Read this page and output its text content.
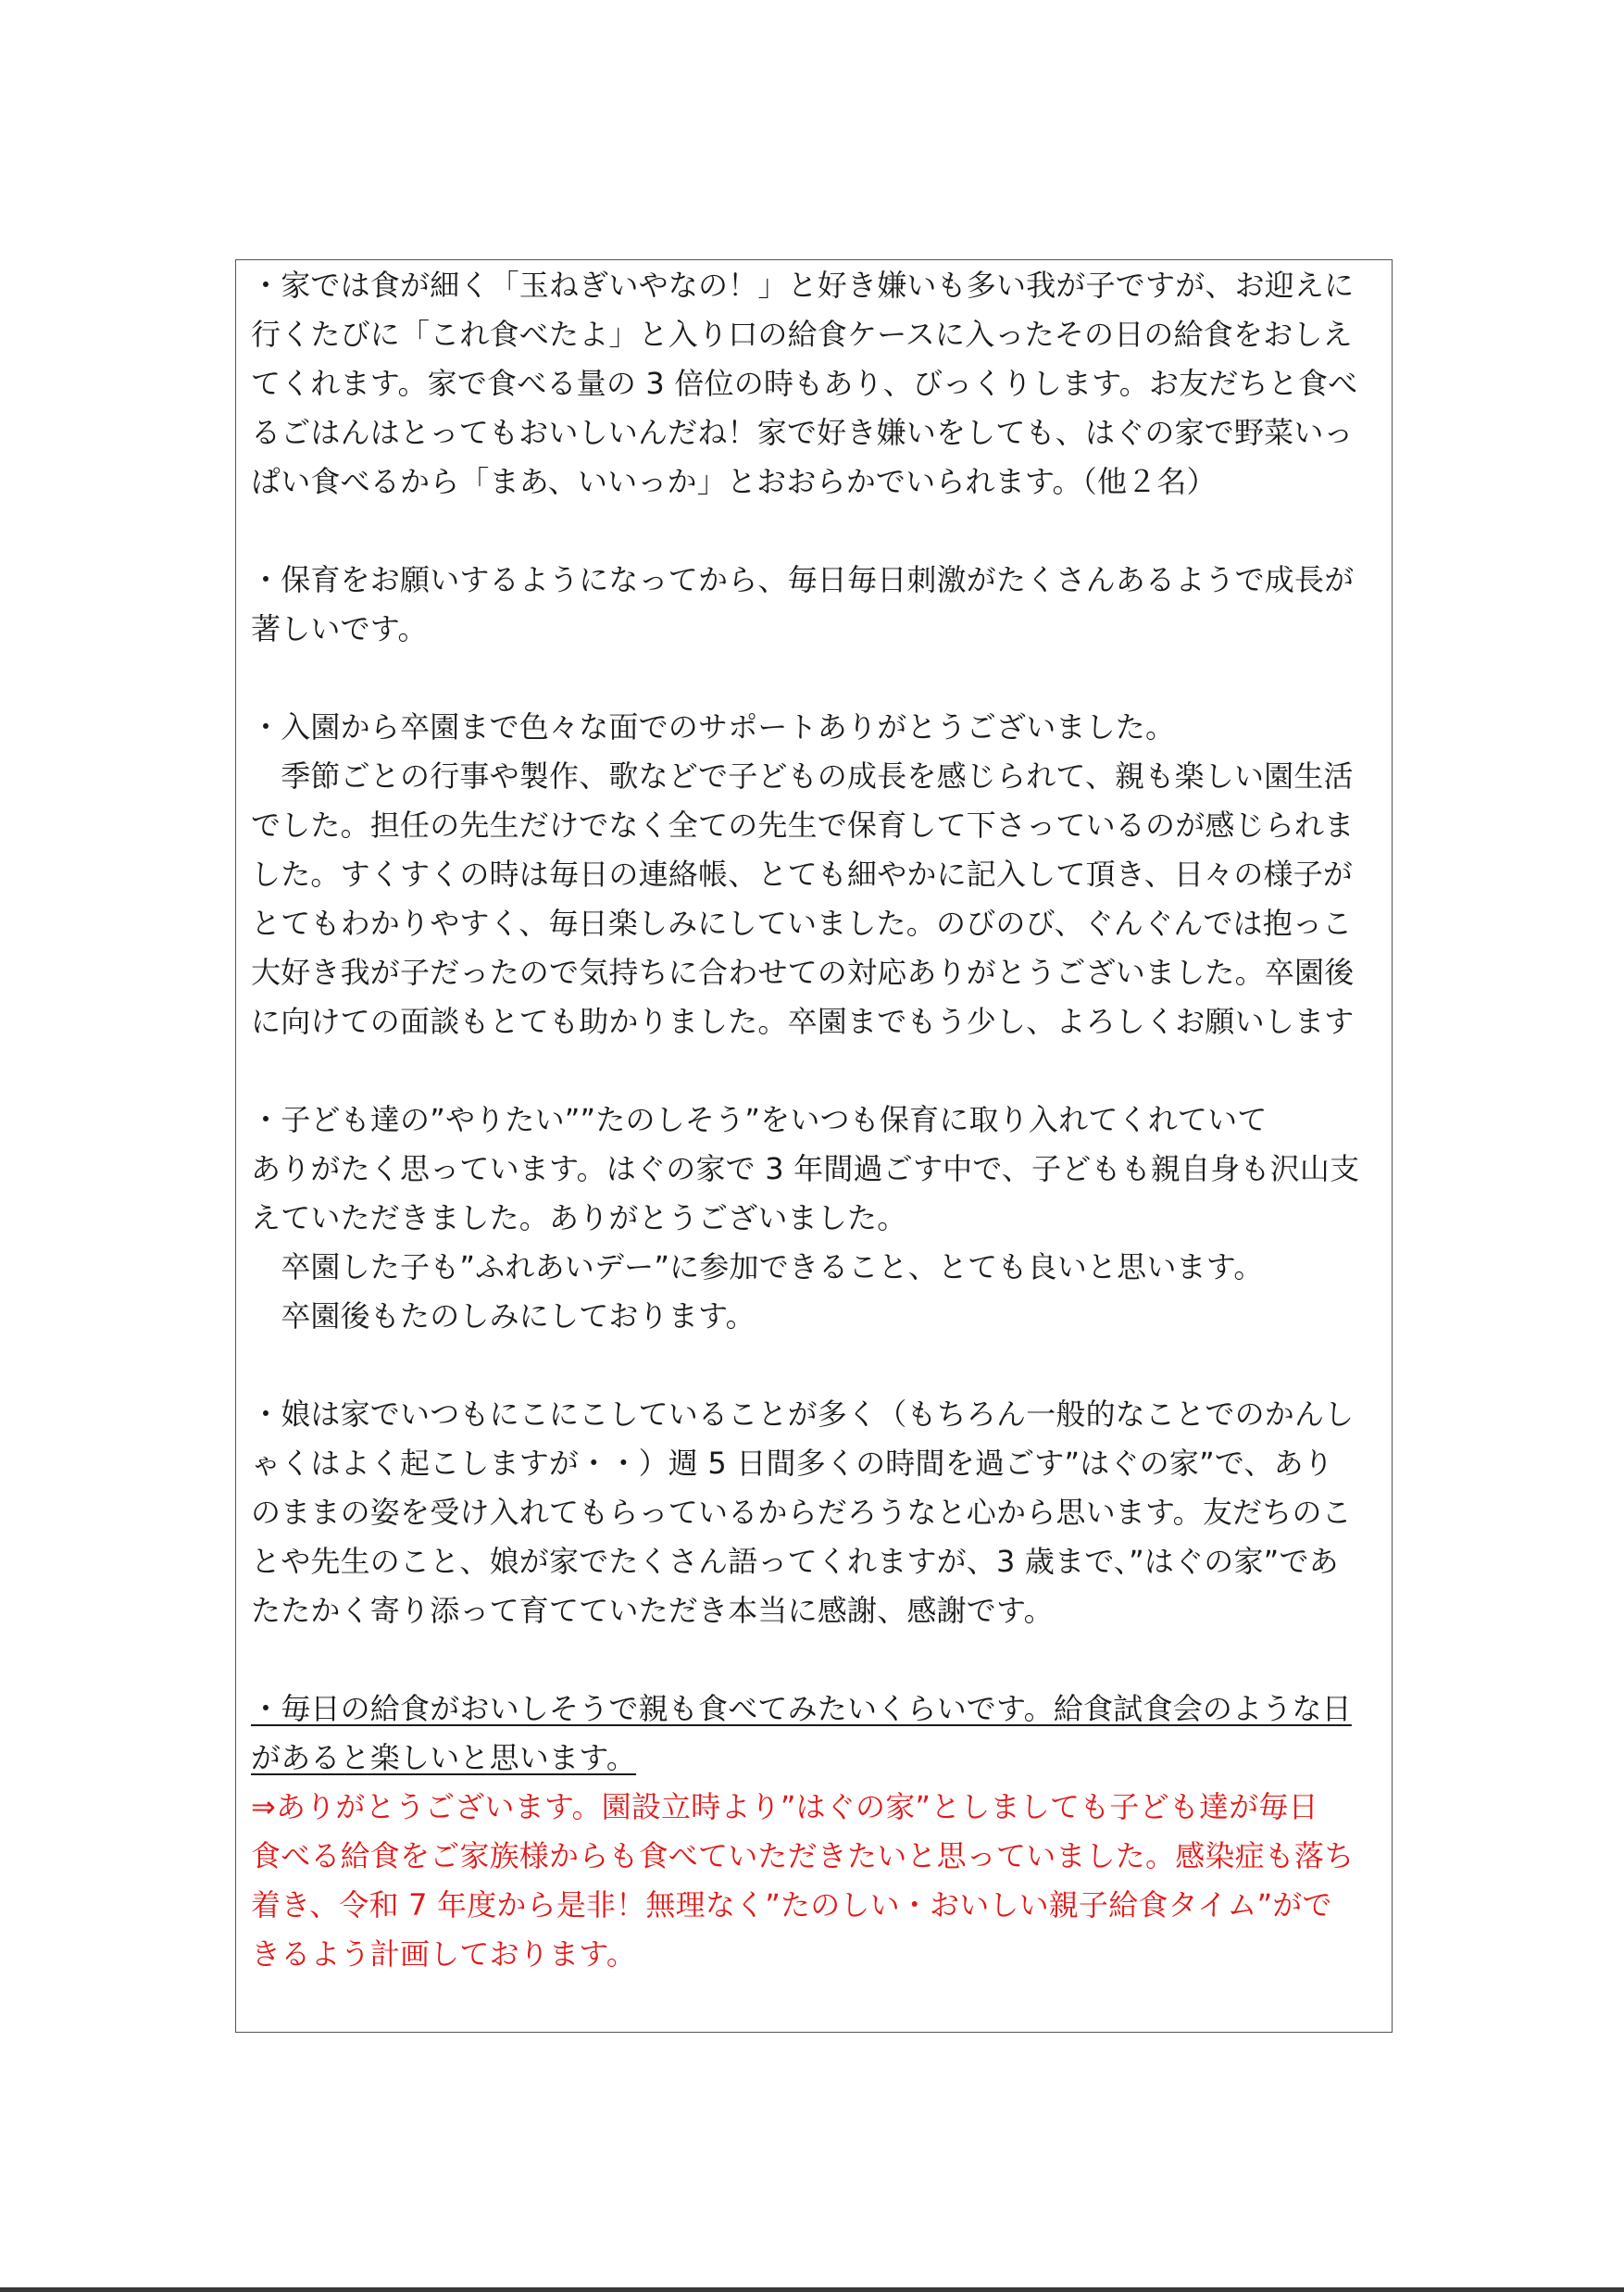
・家では食が細く「玉ねぎいやなの！」と好き嫌いも多い我が子ですが、お迎えに
行くたびに「これ食べたよ」と入り口の給食ケースに入ったその日の給食をおしえ
てくれます。家で食べる量の 3 倍位の時もあり、びっくりします。お友だちと食べ
るごはんはとってもおいしいんだね！家で好き嫌いをしても、はぐの家で野菜いっ
ぱい食べるから「まあ、いいっか」とおおらかでいられます。（他２名）
・保育をお願いするようになってから、毎日毎日刺激がたくさんあるようで成長が
著しいです。
・入園から卒園まで色々な面でのサポートありがとうございました。
　季節ごとの行事や製作、歌などで子どもの成長を感じられて、親も楽しい園生活
でした。担任の先生だけでなく全ての先生で保育して下さっているのが感じられま
した。すくすくの時は毎日の連絡帳、とても細やかに記入して頂き、日々の様子が
とてもわかりやすく、毎日楽しみにしていました。のびのび、ぐんぐんでは抱っこ
大好き我が子だったので気持ちに合わせての対応ありがとうございました。卒園後
に向けての面談もとても助かりました。卒園までもう少し、よろしくお願いします
・子ども達の”やりたい””たのしそう”をいつも保育に取り入れてくれていて
ありがたく思っています。はぐの家で 3 年間過ごす中で、子どもも親自身も沢山支
えていただきました。ありがとうございました。
　卒園した子も”ふれあいデー”に参加できること、とても良いと思います。
　卒園後もたのしみにしております。
・娘は家でいつもにこにこしていることが多く（もちろん一般的なことでのかんし
ゃくはよく起こしますが・・）週 5 日間多くの時間を過ごす”はぐの家”で、あり
のままの姿を受け入れてもらっているからだろうなと心から思います。友だちのこ
とや先生のこと、娘が家でたくさん語ってくれますが、3 歳まで、”はぐの家”であ
たたかく寄り添って育てていただき本当に感謝、感謝です。
・毎日の給食がおいしそうで親も食べてみたいくらいです。給食試食会のような日
があると楽しいと思います。
⇒ありがとうございます。園設立時より”はぐの家”としましても子ども達が毎日
食べる給食をご家族様からも食べていただきたいと思っていました。感染症も落ち
着き、令和 7 年度から是非！無理なく”たのしい・おいしい親子給食タイム”がで
きるよう計画しております。
